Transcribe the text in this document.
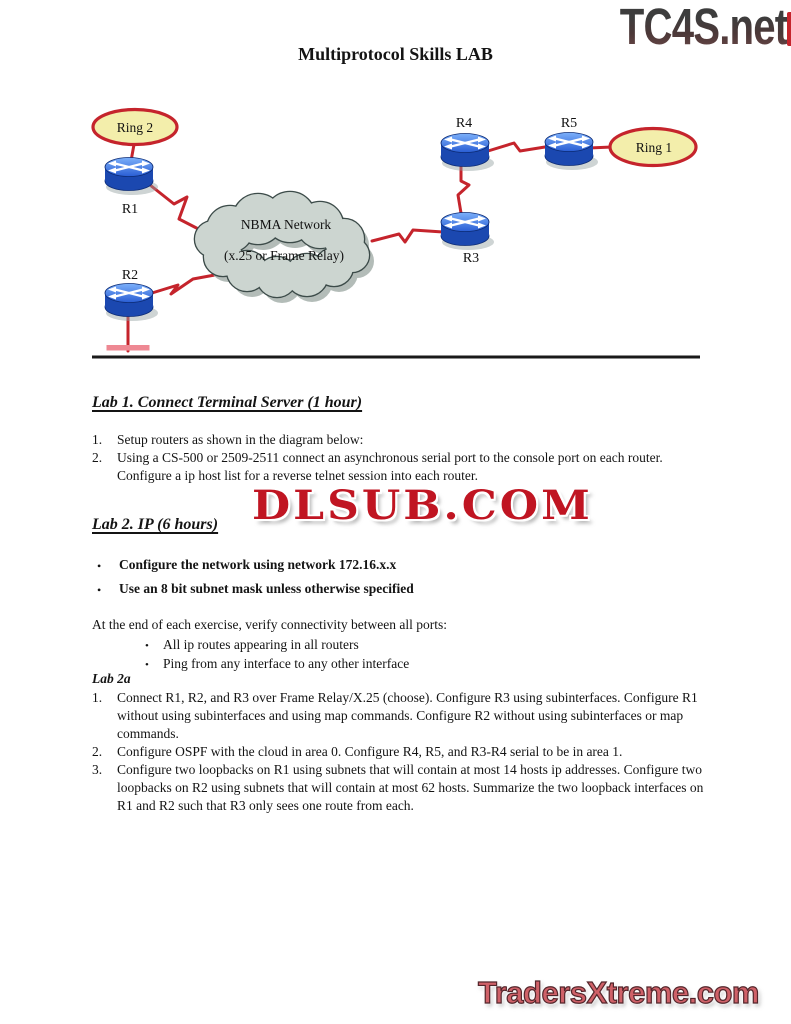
TC4S.net
Multiprotocol Skills LAB
NBMA Network
(x.25 or Frame Relay)
Ring 2
Ring 1
R1
R2
R3
R4	R5
Lab 1. Connect Terminal Server (1 hour)
1.	Setup routers as shown in the diagram below:
2.	Using a CS-500 or 2509-2511 connect an asynchronous serial port to the console port on each router. Configure a ip host list for a reverse telnet session into each router.
DLSUB.COM
Lab 2. IP (6 hours)
•	Configure the network using network 172.16.x.x
•	Use an 8 bit subnet mask unless otherwise specified
At the end of each exercise, verify connectivity between all ports:
•	All ip routes appearing in all routers
•	Ping from any interface to any other interface
Lab 2a
1.	Connect R1, R2, and R3 over Frame Relay/X.25 (choose). Configure R3 using subinterfaces. Configure R1 without using subinterfaces and using map commands. Configure R2 without using subinterfaces or map commands.
2.	Configure OSPF with the cloud in area 0. Configure R4, R5, and R3-R4 serial to be in area 1.
3.	Configure two loopbacks on R1 using subnets that will contain at most 14 hosts ip addresses. Configure two loopbacks on R2 using subnets that will contain at most 62 hosts. Summarize the two loopback interfaces on R1 and R2 such that R3 only sees one route from each.
TradersXtreme.com
